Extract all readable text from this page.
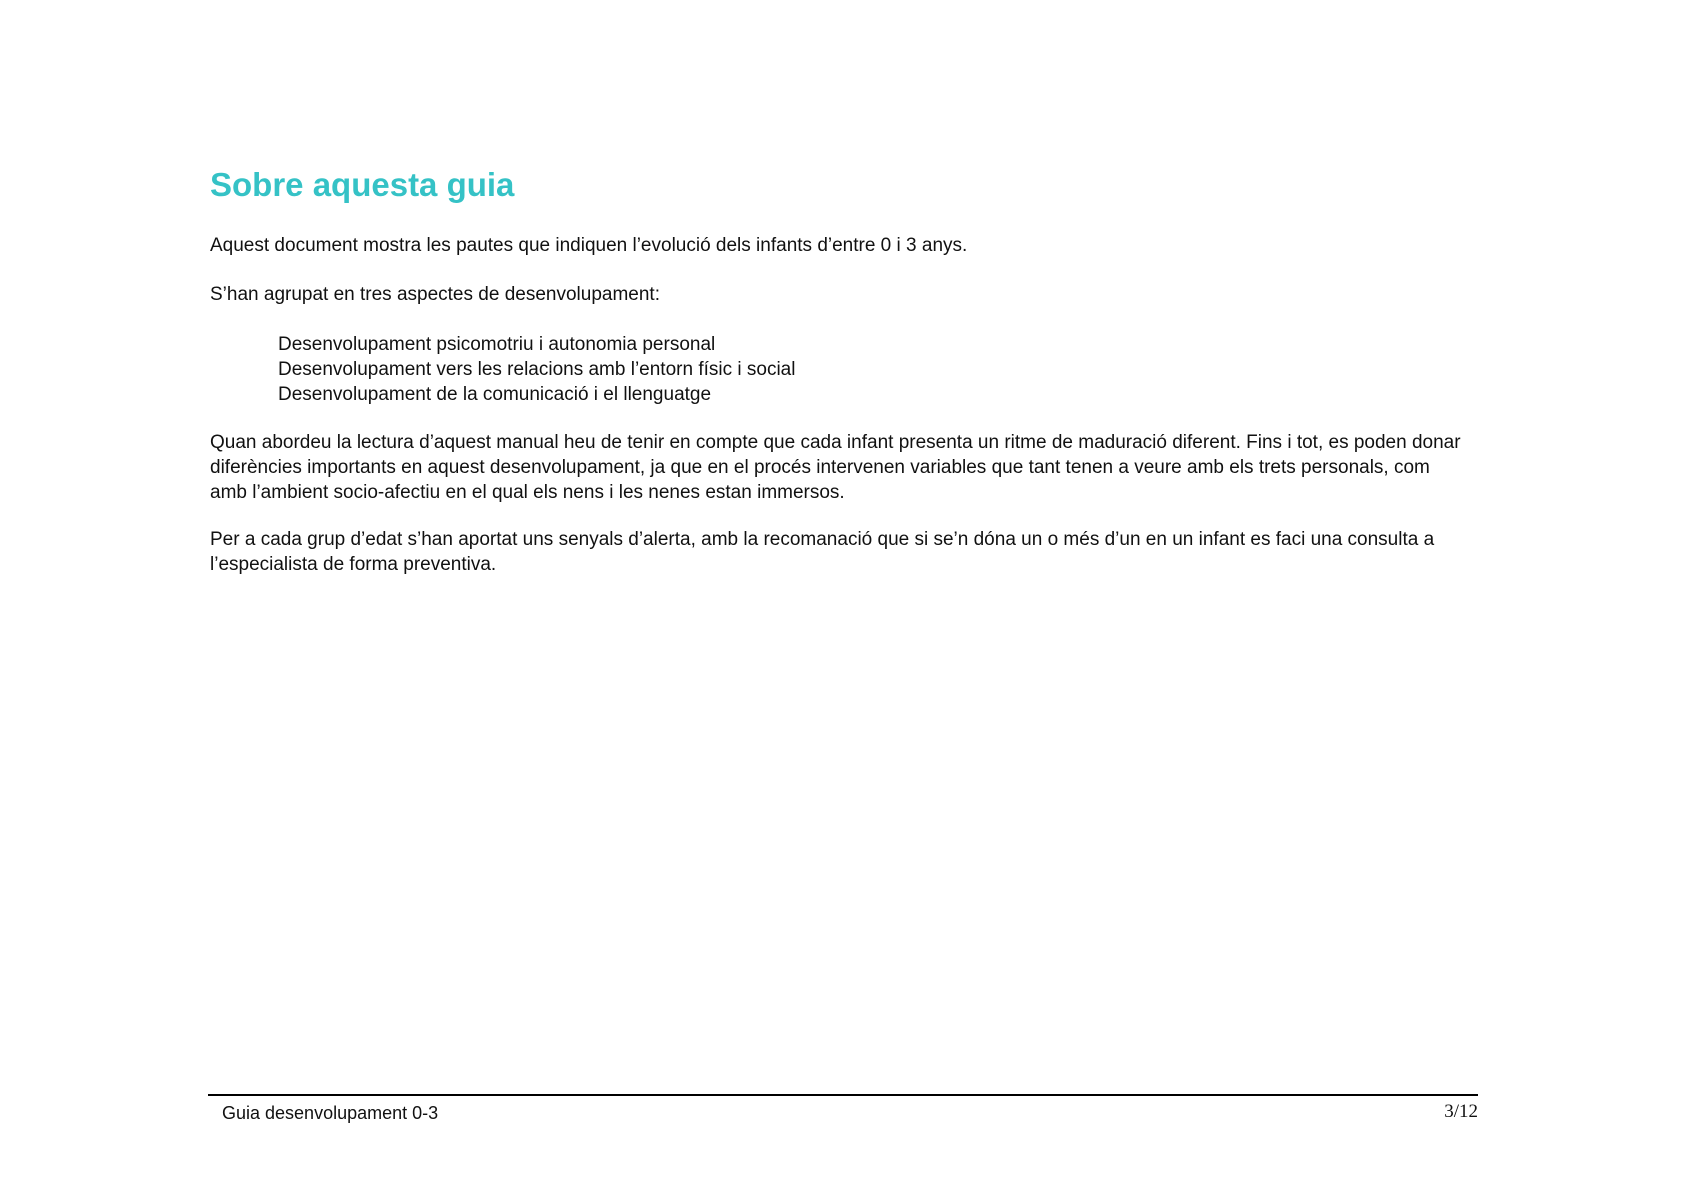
Sobre aquesta guia

Aquest document mostra les pautes que indiquen l’evolució dels infants d’entre 0 i 3 anys.

S’han agrupat en tres aspectes de desenvolupament:

Desenvolupament psicomotriu i autonomia personal
Desenvolupament vers les relacions amb l’entorn físic i social
Desenvolupament de la comunicació i el llenguatge

Quan abordeu la lectura d’aquest manual heu de tenir en compte que cada infant presenta un ritme de maduració diferent. Fins i tot, es poden donar diferències importants en aquest desenvolupament, ja que en el procés intervenen variables que tant tenen a veure amb els trets personals, com amb l’ambient socio-afectiu en el qual els nens i les nenes estan immersos.

Per a cada grup d’edat s’han aportat uns senyals d’alerta, amb la recomanació que si se’n dóna un o més d’un en un infant es faci una consulta a l’especialista de forma preventiva.

Guia desenvolupament 0-3	3/12
